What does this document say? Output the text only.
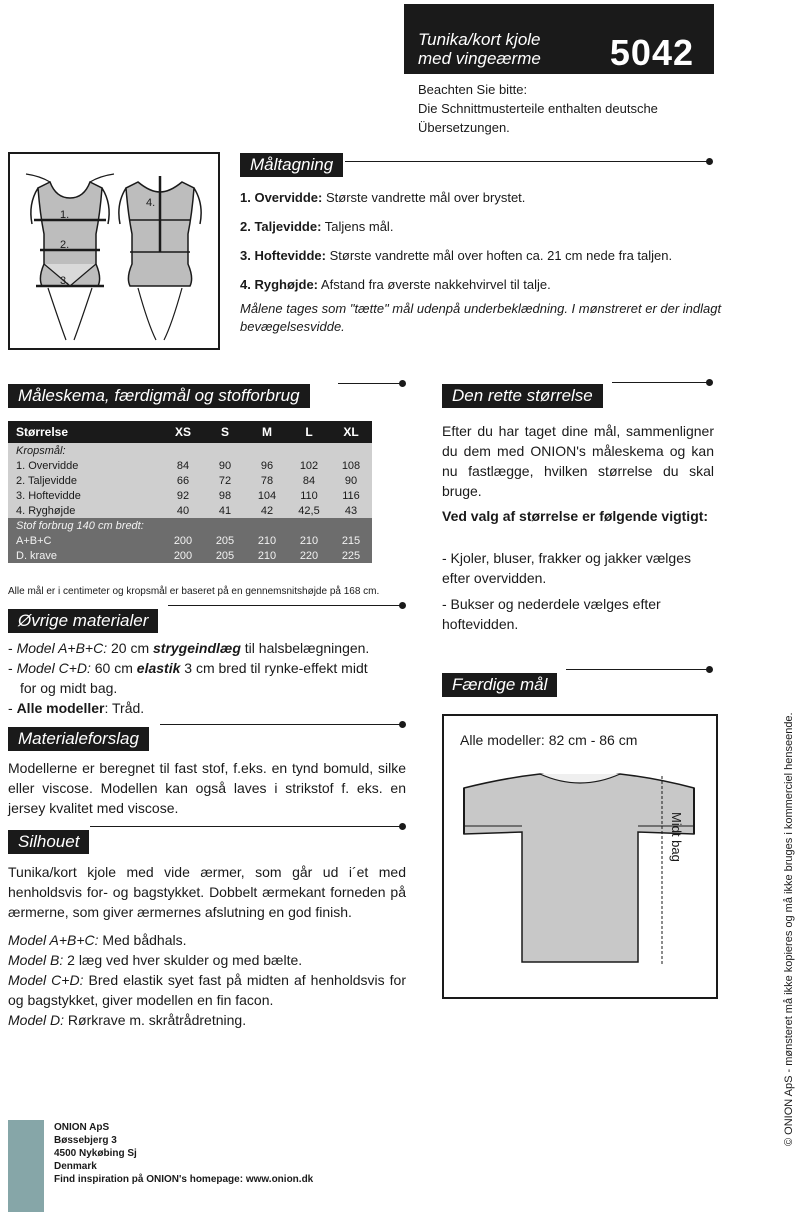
Tunika/kort kjole
med vingeærme 5042
Beachten Sie bitte:
Die Schnittmusterteile enthalten deutsche
Übersetzungen.
1.
2.
3.
4.
Måltagning
1. Overvidde: Største vandrette mål over brystet.
2. Taljevidde: Taljens mål.
3. Hoftevidde: Største vandrette mål over hoften ca. 21 cm nede fra taljen.
4. Ryghøjde: Afstand fra øverste nakkehvirvel til talje.
Målene tages som "tætte" mål udenpå underbeklædning. I mønstreret er der indlagt bevægelsesvidde.
Måleskema, færdigmål og stofforbrug
Størrelse	XS	S	M	L	XL
Kropsmål:					
1. Overvidde	84	90	96	102	108
2. Taljevidde	66	72	78	84	90
3. Hoftevidde	92	98	104	110	116
4. Ryghøjde	40	41	42	42,5	43
Stof forbrug 140 cm bredt:					
A+B+C	200	205	210	210	215
D. krave	200	205	210	220	225
Alle mål er i centimeter og kropsmål er baseret på en gennemsnitshøjde på 168 cm.
Øvrige materialer
- Model A+B+C: 20 cm strygeindlæg til halsbelægningen.
- Model C+D: 60 cm elastik 3 cm bred til rynke-effekt midt
for og midt bag.
- Alle modeller: Tråd.
Materialeforslag
Modellerne er beregnet til fast stof, f.eks. en tynd bomuld, silke eller viscose. Modellen kan også laves i strikstof f. eks. en jersey kvalitet med viscose.
Silhouet
Tunika/kort kjole med vide ærmer, som går ud i´et med henholdsvis for- og bagstykket. Dobbelt ærmekant forneden på ærmerne, som giver ærmernes afslutning en god finish.
Model A+B+C: Med bådhals.
Model B: 2 læg ved hver skulder og med bælte.
Model C+D: Bred elastik syet fast på midten af henholdsvis for og bagstykket, giver modellen en fin facon.
Model D: Rørkrave m. skråtrådretning.
Den rette størrelse
Efter du har taget dine mål, sammenligner du dem med ONION's måleskema og kan nu fastlægge, hvilken størrelse du skal bruge.
Ved valg af størrelse er følgende vigtigt:
- Kjoler, bluser, frakker og jakker vælges efter overvidden.
- Bukser og nederdele vælges efter hoftevidden.
Færdige mål
Alle modeller: 82 cm - 86 cm
Midt bag	© ONION ApS - mønsteret må ikke kopieres og må ikke bruges i kommerciel henseende.
ONION ApS
Bøssebjerg 3
4500 Nykøbing Sj
Denmark
Find inspiration på ONION's homepage: www.onion.dk
